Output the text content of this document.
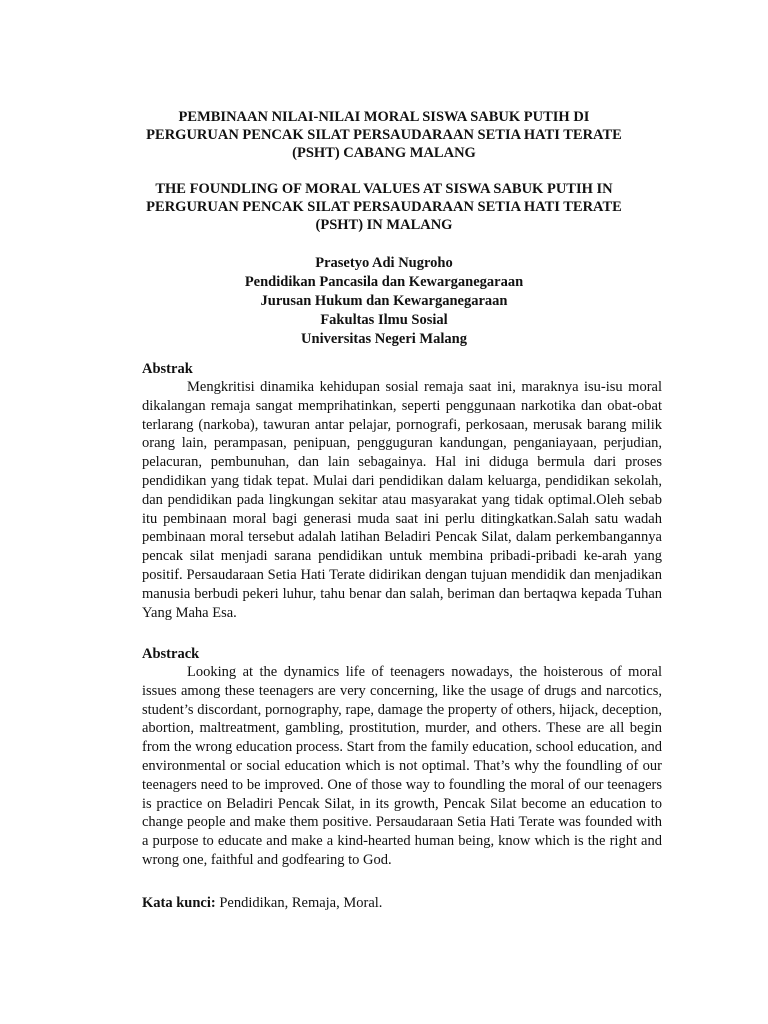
PEMBINAAN NILAI-NILAI MORAL SISWA SABUK PUTIH DI
PERGURUAN PENCAK SILAT PERSAUDARAAN SETIA HATI TERATE
(PSHT) CABANG MALANG

THE FOUNDLING OF MORAL VALUES AT SISWA SABUK PUTIH IN
PERGURUAN PENCAK SILAT PERSAUDARAAN SETIA HATI TERATE
(PSHT) IN MALANG

Prasetyo Adi Nugroho
Pendidikan Pancasila dan Kewarganegaraan
Jurusan Hukum dan Kewarganegaraan
Fakultas Ilmu Sosial
Universitas Negeri Malang

Abstrak

Mengkritisi dinamika kehidupan sosial remaja saat ini, maraknya isu-isu moral dikalangan remaja sangat memprihatinkan, seperti penggunaan narkotika dan obat-obat terlarang (narkoba), tawuran antar pelajar, pornografi, perkosaan, merusak barang milik orang lain, perampasan, penipuan, pengguguran kandungan, penganiayaan, perjudian, pelacuran, pembunuhan, dan lain sebagainya. Hal ini diduga bermula dari proses pendidikan yang tidak tepat. Mulai dari pendidikan dalam keluarga, pendidikan sekolah, dan pendidikan pada lingkungan sekitar atau masyarakat yang tidak optimal.Oleh sebab itu pembinaan moral bagi generasi muda saat ini perlu ditingkatkan.Salah satu wadah pembinaan moral tersebut adalah latihan Beladiri Pencak Silat, dalam perkembangannya pencak silat menjadi sarana pendidikan untuk membina pribadi-pribadi ke-arah yang positif. Persaudaraan Setia Hati Terate didirikan dengan tujuan mendidik dan menjadikan manusia berbudi pekeri luhur, tahu benar dan salah, beriman dan bertaqwa kepada Tuhan Yang Maha Esa.

Abstrack

Looking at the dynamics life of teenagers nowadays, the hoisterous of moral issues among these teenagers are very concerning, like the usage of drugs and narcotics, student’s discordant, pornography, rape, damage the property of others, hijack, deception, abortion, maltreatment, gambling, prostitution, murder, and others. These are all begin from the wrong education process. Start from the family education, school education, and environmental or social education which is not optimal. That’s why the foundling of our teenagers need to be improved. One of those way to foundling the moral of our teenagers is practice on Beladiri Pencak Silat, in its growth, Pencak Silat become an education to change people and make them positive. Persaudaraan Setia Hati Terate was founded with a purpose to educate and make a kind-hearted human being, know which is the right and wrong one, faithful and godfearing to God.

Kata kunci: Pendidikan, Remaja, Moral.
